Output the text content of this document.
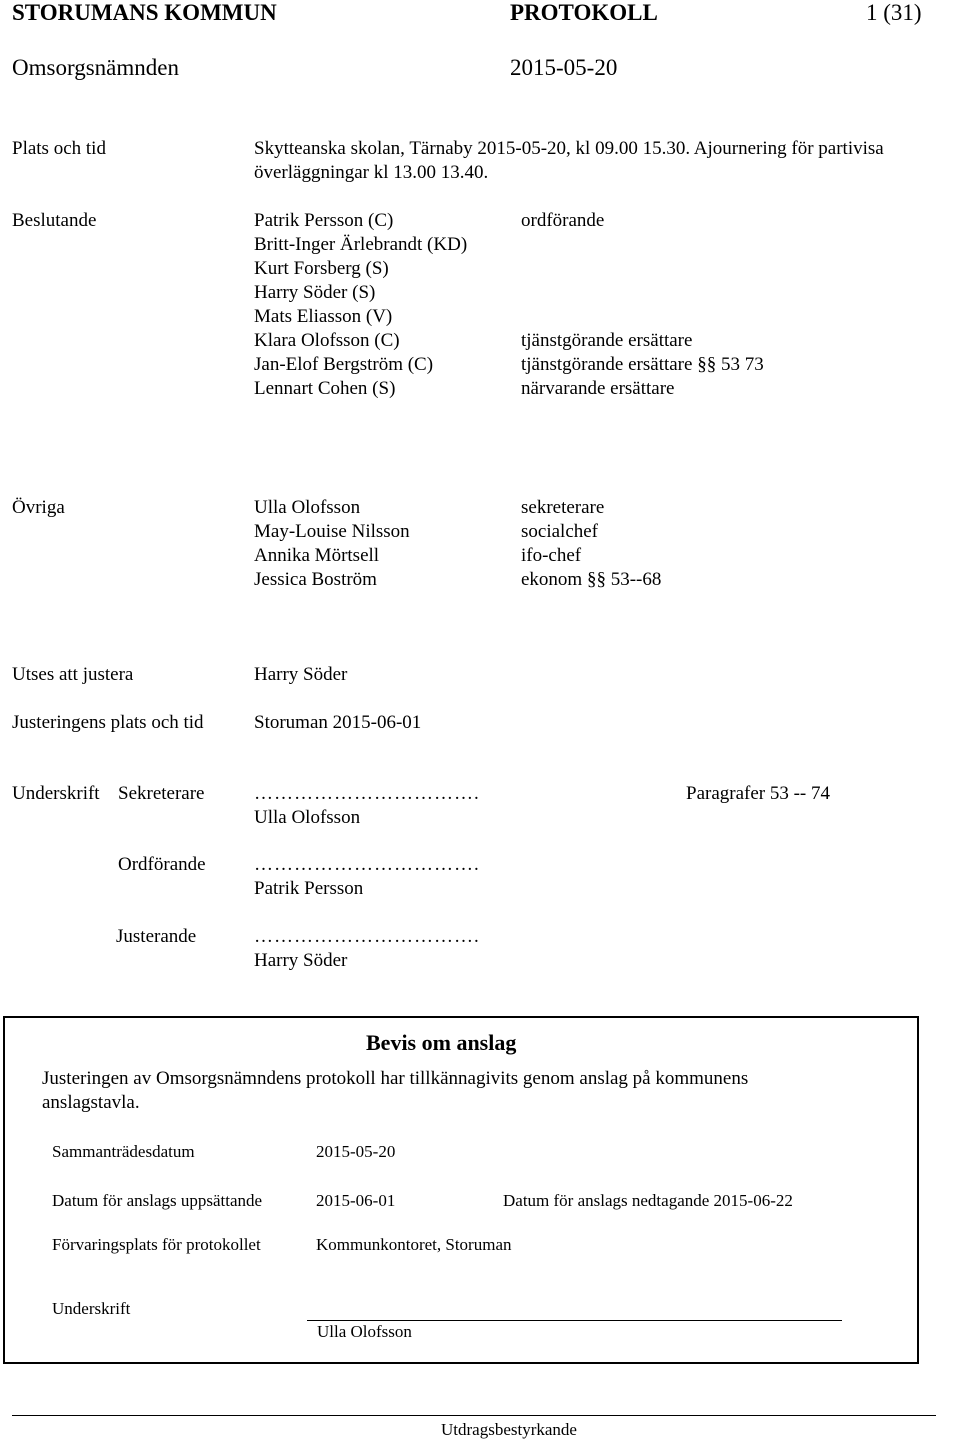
STORUMANS KOMMUN	PROTOKOLL	1 (31)
Omsorgsnämnden	2015-05-20
Plats och tid	Skytteanska skolan, Tärnaby 2015-05-20, kl 09.00 15.30. Ajournering för partivisa
överläggningar kl 13.00 13.40.
Beslutande	Patrik Persson (C)	ordförande
Britt-Inger Ärlebrandt (KD)
Kurt Forsberg (S)
Harry Söder (S)
Mats Eliasson (V)
Klara Olofsson (C)	tjänstgörande ersättare
Jan-Elof Bergström (C)	tjänstgörande ersättare §§ 53 73
Lennart Cohen (S)	närvarande ersättare
Övriga	Ulla Olofsson	sekreterare
May-Louise Nilsson	socialchef
Annika Mörtsell	ifo-chef
Jessica Boström	ekonom §§ 53--68
Utses att justera	Harry Söder
Justeringens plats och tid	Storuman 2015-06-01
Underskrift Sekreterare	…………………………….	Paragrafer 53 -- 74
Ulla Olofsson
Ordförande	…………………………….
Patrik Persson
Justerande	…………………………….
Harry Söder
Bevis om anslag
Justeringen av Omsorgsnämndens protokoll har tillkännagivits genom anslag på kommunens
anslagstavla.
Sammanträdesdatum	2015-05-20
Datum för anslags uppsättande	2015-06-01	Datum för anslags nedtagande 2015-06-22
Förvaringsplats för protokollet	Kommunkontoret, Storuman
Underskrift
Ulla Olofsson
Utdragsbestyrkande
